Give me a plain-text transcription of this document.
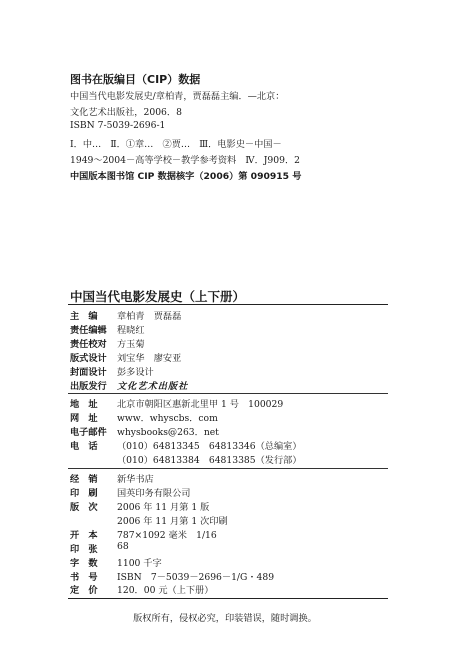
图书在版编目（CIP）数据
中国当代电影发展史/章柏青，贾磊磊主编．—北京：
文化艺术出版社，2006．8
ISBN 7-5039-2696-1
Ⅰ．中…　Ⅱ．①章…　②贾…　Ⅲ．电影史－中国－
1949～2004－高等学校－教学参考资料　Ⅳ．J909．2
中国版本图书馆 CIP 数据核字（2006）第 090915 号
中国当代电影发展史（上下册）
主　编	章柏青　贾磊磊
责任编辑	程晓红
责任校对	方玉菊
版式设计	刘宝华　廖安亚
封面设计	彭多设计
出版发行	文化艺术出版社
地　址	北京市朝阳区惠新北里甲 1 号　100029
网　址	www．whyscbs．com
电子邮件	whysbooks@263．net
电　话	（010）64813345　64813346（总编室）
（010）64813384　64813385（发行部）
经　销	新华书店
印　刷	国英印务有限公司
版　次	2006 年 11 月第 1 版
2006 年 11 月第 1 次印刷
开　本	787×1092 毫米　1/16
印　张	68
字　数	1100 千字
书　号	ISBN　7－5039－2696－1/G・489
定　价	120．00 元（上下册）
版权所有，侵权必究，印装错误，随时调换。
